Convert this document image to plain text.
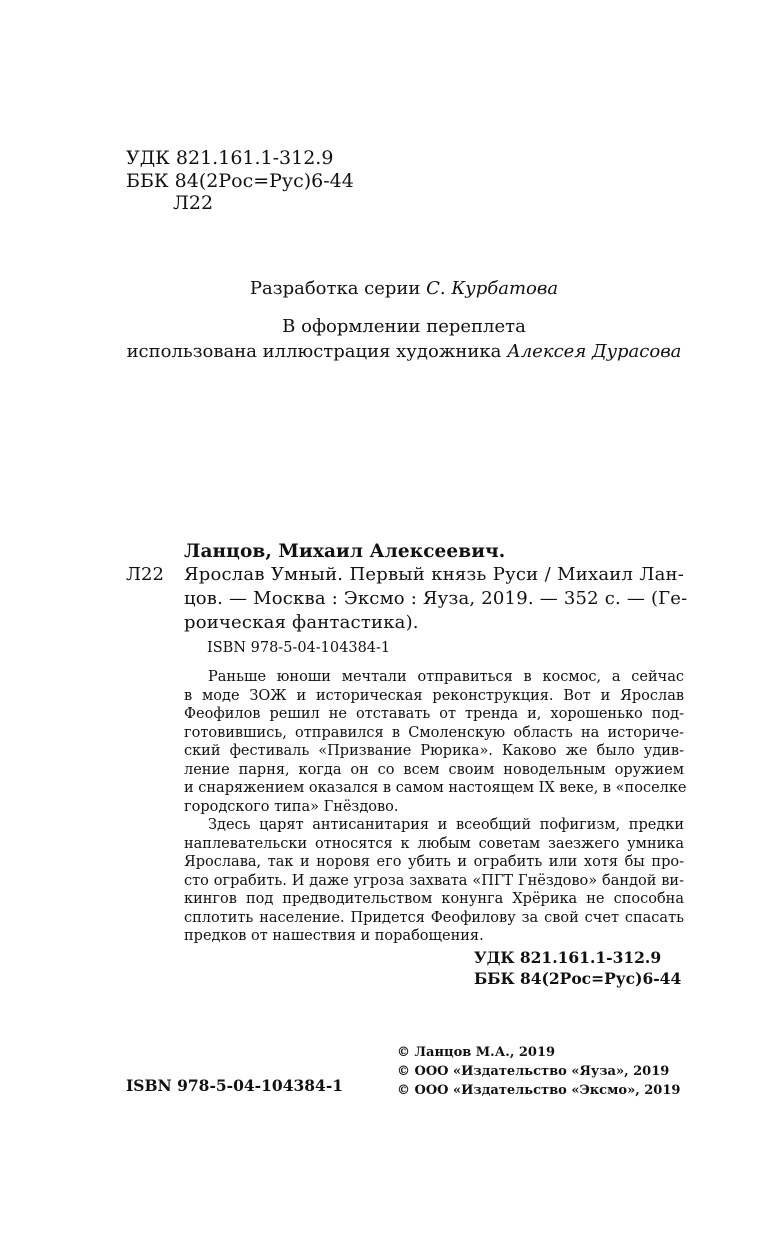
УДК 821.161.1-312.9
ББК 84(2Рос=Рус)6-44
Л22
Разработка серии С. Курбатова
В оформлении переплета
использована иллюстрация художника Алексея Дурасова
Ланцов, Михаил Алексеевич.
Л22 Ярослав Умный. Первый князь Руси / Михаил Лан-
цов. — Москва : Эксмо : Яуза, 2019. — 352 с. — (Ге-
роическая фантастика).
ISBN 978-5-04-104384-1
Раньше юноши мечтали отправиться в космос, а сейчас
в моде ЗОЖ и историческая реконструкция. Вот и Ярослав
Феофилов решил не отставать от тренда и, хорошенько под-
готовившись, отправился в Смоленскую область на историче-
ский фестиваль «Призвание Рюрика». Каково же было удив-
ление парня, когда он со всем своим новодельным оружием
и снаряжением оказался в самом настоящем IX веке, в «поселке
городского типа» Гнёздово.
Здесь царят антисанитария и всеобщий пофигизм, предки
наплевательски относятся к любым советам заезжего умника
Ярослава, так и норовя его убить и ограбить или хотя бы про-
сто ограбить. И даже угроза захвата «ПГТ Гнёздово» бандой ви-
кингов под предводительством конунга Хрёрика не способна
сплотить население. Придется Феофилову за свой счет спасать
предков от нашествия и порабощения.
УДК 821.161.1-312.9
ББК 84(2Рос=Рус)6-44
© Ланцов М.А., 2019
© ООО «Издательство «Яуза», 2019
© ООО «Издательство «Эксмо», 2019
ISBN 978-5-04-104384-1
